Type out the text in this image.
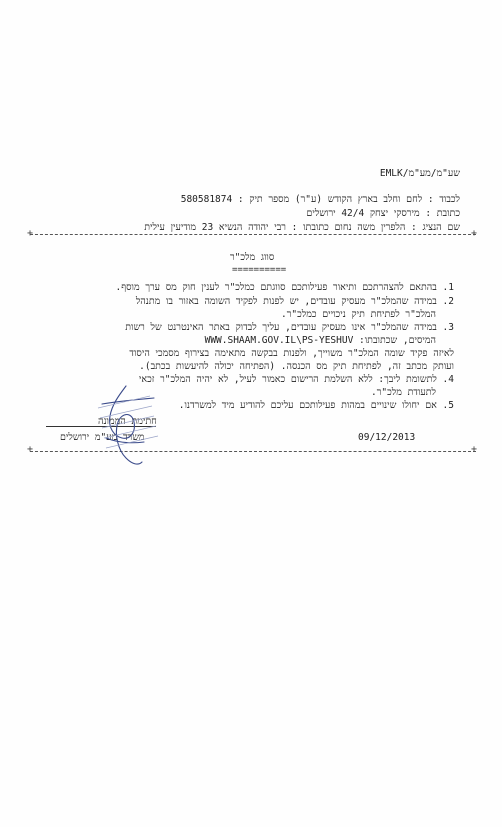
שע"מ/מע"מ/EMLK
לכבוד : לחם וחלב בארץ הקודש (ע"ר) מספר תיק : 580581874
כתובת : מירסקי יצחק 42/4 ירושלים
שם הנציג : הלפרין משה נחום כתובתו : רבי יהודה הנשיא 23 מודיעין עילית
+	+
+	+
סווג מלכ"ר
==========
1. בהתאם להצהרתכם ותיאור פעילותכם סווגתם כמלכ"ר לענין חוק מס ערך מוסף.
2. במידה שהמלכ"ר מעסיק עובדים, יש לפנות לפקיד השומה באזור בו מתנהל
המלכ"ר לפתיחת תיק ניכויים כמלכ"ר.
3. במידה שהמלכ"ר אינו מעסיק עובדים, עליך לבדוק באתר האינטרנט של רשות
המיסים, שכתובתו: WWW.SHAAM.GOV.IL\PS-YESHUV
לאיזה פקיד שומה המלכ"ר משוייך, ולפנות בבקשה מתאימה בצירוף מסמכי היסוד
ועותק מכתב זה, לפתיחת תיק מס הכנסה. (הפתיחה יכולה להיעשות בכתב).
4. לתשומת ליבך: ללא השלמת הרישום כאמור לעיל, לא יהיה המלכ"ר זכאי
לתעודת מלכ"ר.
5. אם יחולו שינויים במהות פעילותכם עליכם להודיע מיד למשרדנו.
חתימת הממונה
משרד מע"מ ירושלים	09/12/2013
